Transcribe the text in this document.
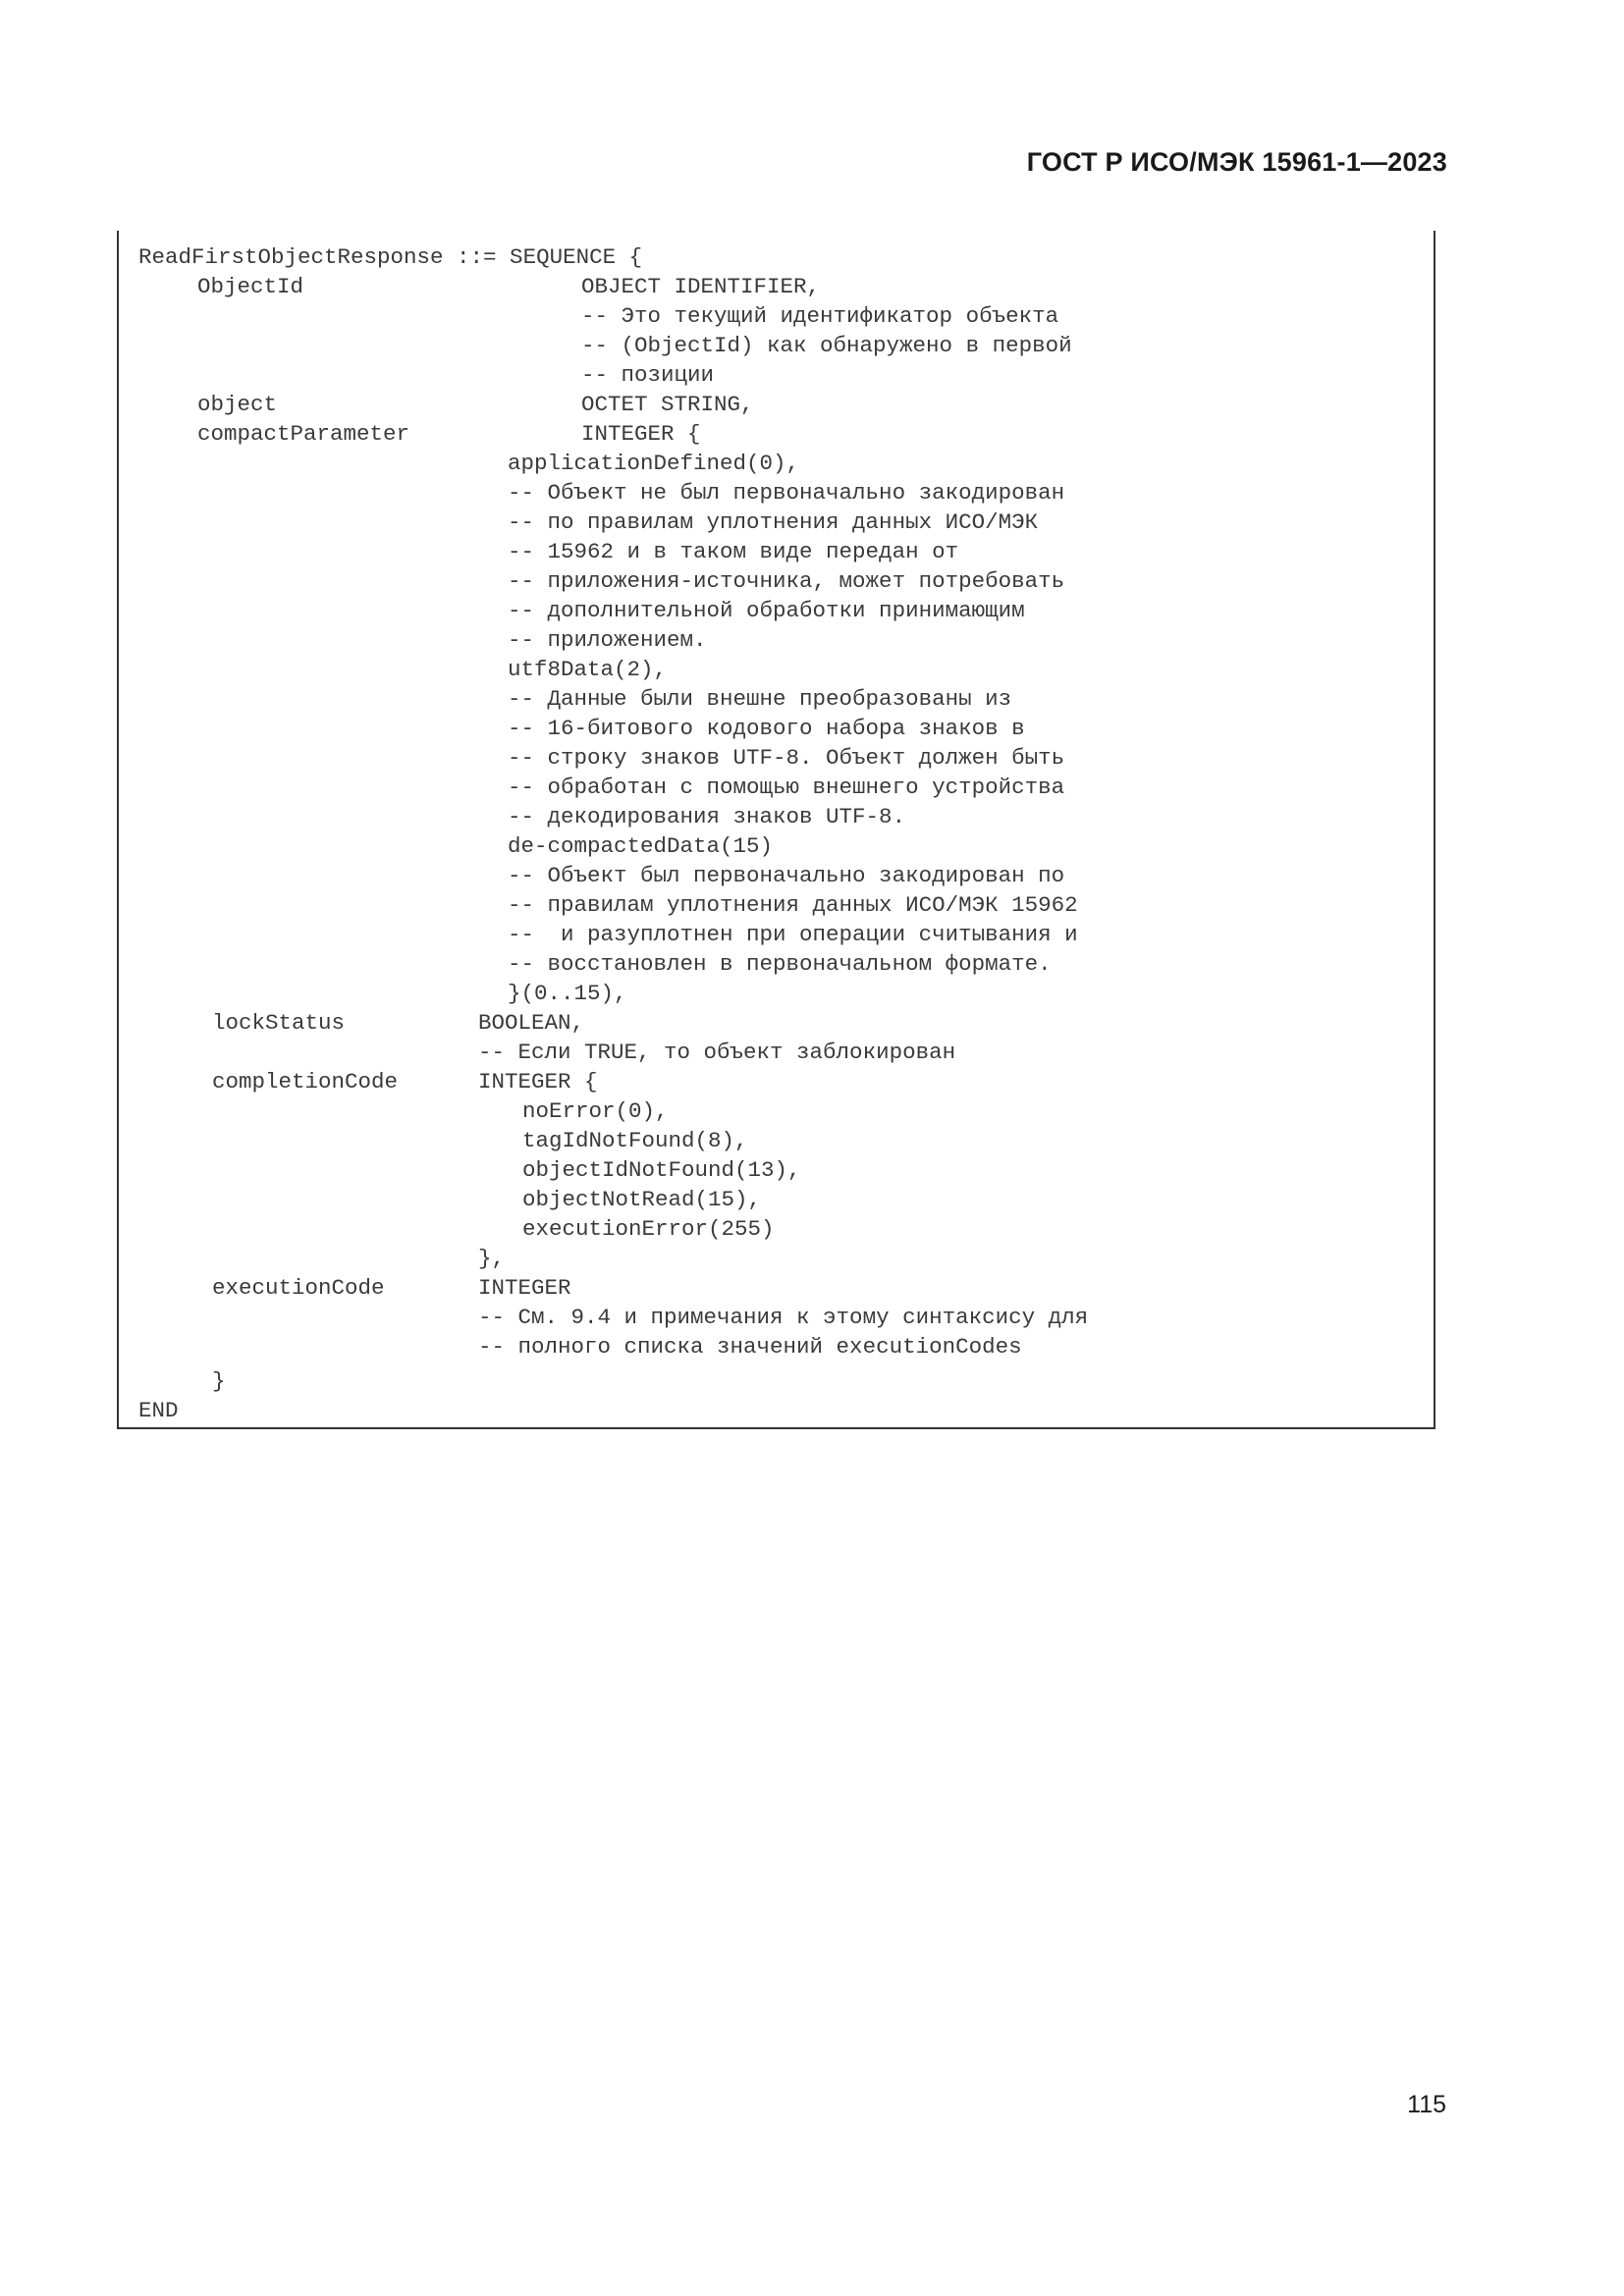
ГОСТ Р ИСО/МЭК 15961-1—2023
ReadFirstObjectResponse ::= SEQUENCE {
ObjectId	OBJECT IDENTIFIER,
-- Это текущий идентификатор объекта
-- (ObjectId) как обнаружено в первой
-- позиции
object	OCTET STRING,
compactParameter	INTEGER {
applicationDefined(0),
-- Объект не был первоначально закодирован
-- по правилам уплотнения данных ИСО/МЭК
-- 15962 и в таком виде передан от
-- приложения-источника, может потребовать
-- дополнительной обработки принимающим
-- приложением.
utf8Data(2),
-- Данные были внешне преобразованы из
-- 16-битового кодового набора знаков в
-- строку знаков UTF-8. Объект должен быть
-- обработан с помощью внешнего устройства
-- декодирования знаков UTF-8.
de-compactedData(15)
-- Объект был первоначально закодирован по
-- правилам уплотнения данных ИСО/МЭК 15962
--  и разуплотнен при операции считывания и
-- восстановлен в первоначальном формате.
}(0..15),
lockStatus	BOOLEAN,
-- Если TRUE, то объект заблокирован
completionCode	INTEGER {
noError(0),
tagIdNotFound(8),
objectIdNotFound(13),
objectNotRead(15),
executionError(255)
},
executionCode	INTEGER
-- См. 9.4 и примечания к этому синтаксису для
-- полного списка значений executionCodes
}
END
115
